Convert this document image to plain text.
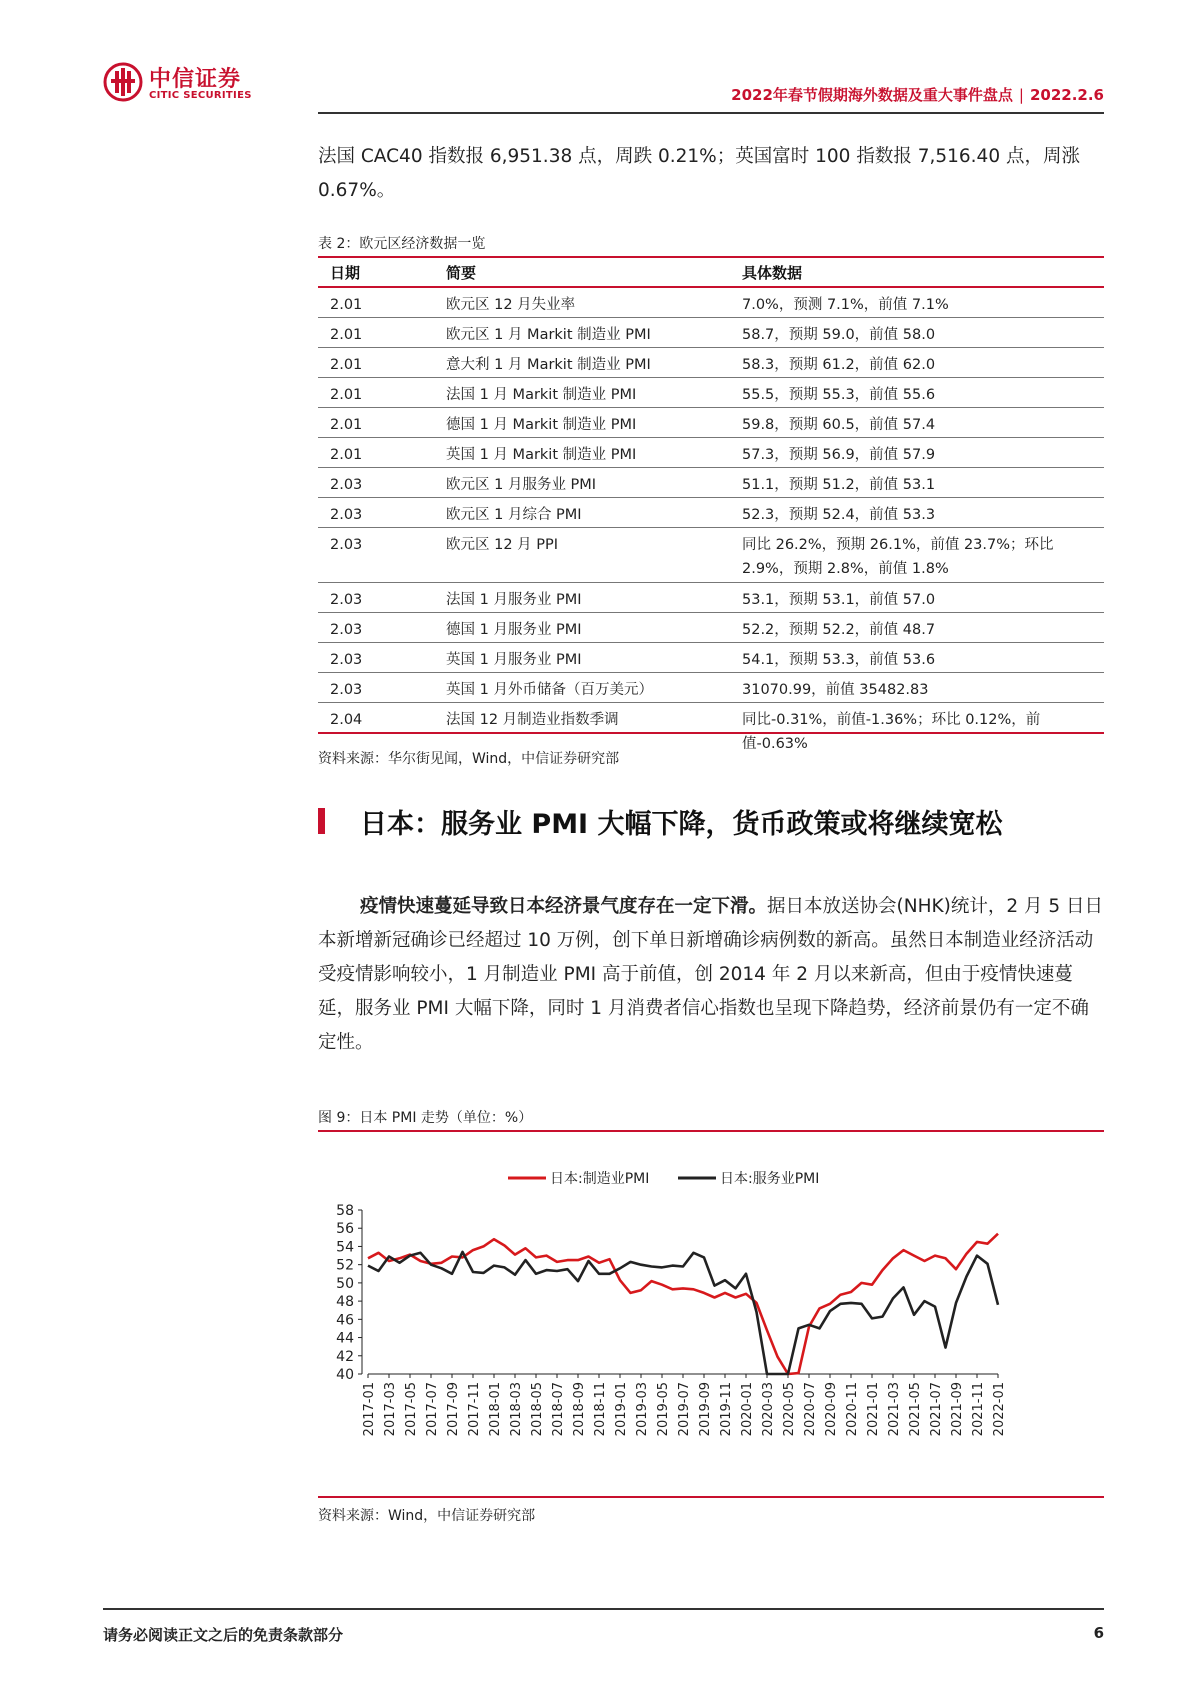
中信证券
CITIC SECURITIES	2022年春节假期海外数据及重大事件盘点 | 2022.2.6
法国 CAC40 指数报 6,951.38 点，周跌 0.21%；英国富时 100 指数报 7,516.40 点，周涨 0.67%。
表 2：欧元区经济数据一览
日期	简要	具体数据
2.01	欧元区 12 月失业率	7.0%，预测 7.1%，前值 7.1%
2.01	欧元区 1 月 Markit 制造业 PMI	58.7，预期 59.0，前值 58.0
2.01	意大利 1 月 Markit 制造业 PMI	58.3，预期 61.2，前值 62.0
2.01	法国 1 月 Markit 制造业 PMI	55.5，预期 55.3，前值 55.6
2.01	德国 1 月 Markit 制造业 PMI	59.8，预期 60.5，前值 57.4
2.01	英国 1 月 Markit 制造业 PMI	57.3，预期 56.9，前值 57.9
2.03	欧元区 1 月服务业 PMI	51.1，预期 51.2，前值 53.1
2.03	欧元区 1 月综合 PMI	52.3，预期 52.4，前值 53.3
2.03	欧元区 12 月 PPI	同比 26.2%，预期 26.1%，前值 23.7%；环比 2.9%，预期 2.8%，前值 1.8%
2.03	法国 1 月服务业 PMI	53.1，预期 53.1，前值 57.0
2.03	德国 1 月服务业 PMI	52.2，预期 52.2，前值 48.7
2.03	英国 1 月服务业 PMI	54.1，预期 53.3，前值 53.6
2.03	英国 1 月外币储备（百万美元）	31070.99，前值 35482.83
2.04	法国 12 月制造业指数季调	同比-0.31%，前值-1.36%；环比 0.12%，前值-0.63%
资料来源：华尔街见闻，Wind，中信证券研究部
日本：服务业 PMI 大幅下降，货币政策或将继续宽松
疫情快速蔓延导致日本经济景气度存在一定下滑。据日本放送协会(NHK)统计，2 月 5 日日本新增新冠确诊已经超过 10 万例，创下单日新增确诊病例数的新高。虽然日本制造业经济活动受疫情影响较小，1 月制造业 PMI 高于前值，创 2014 年 2 月以来新高，但由于疫情快速蔓延，服务业 PMI 大幅下降，同时 1 月消费者信心指数也呈现下降趋势，经济前景仍有一定不确定性。
图 9：日本 PMI 走势（单位：%）
日本:制造业PMI	日本:服务业PMI
40
42
44
46
48
50
52
54
56
58
2017-01 2017-03 2017-05 2017-07 2017-09 2017-11 2018-01 2018-03 2018-05 2018-07 2018-09 2018-11 2019-01 2019-03 2019-05 2019-07 2019-09 2019-11 2020-01 2020-03 2020-05 2020-07 2020-09 2020-11 2021-01 2021-03 2021-05 2021-07 2021-09 2021-11 2022-01
资料来源：Wind，中信证券研究部
请务必阅读正文之后的免责条款部分	6
